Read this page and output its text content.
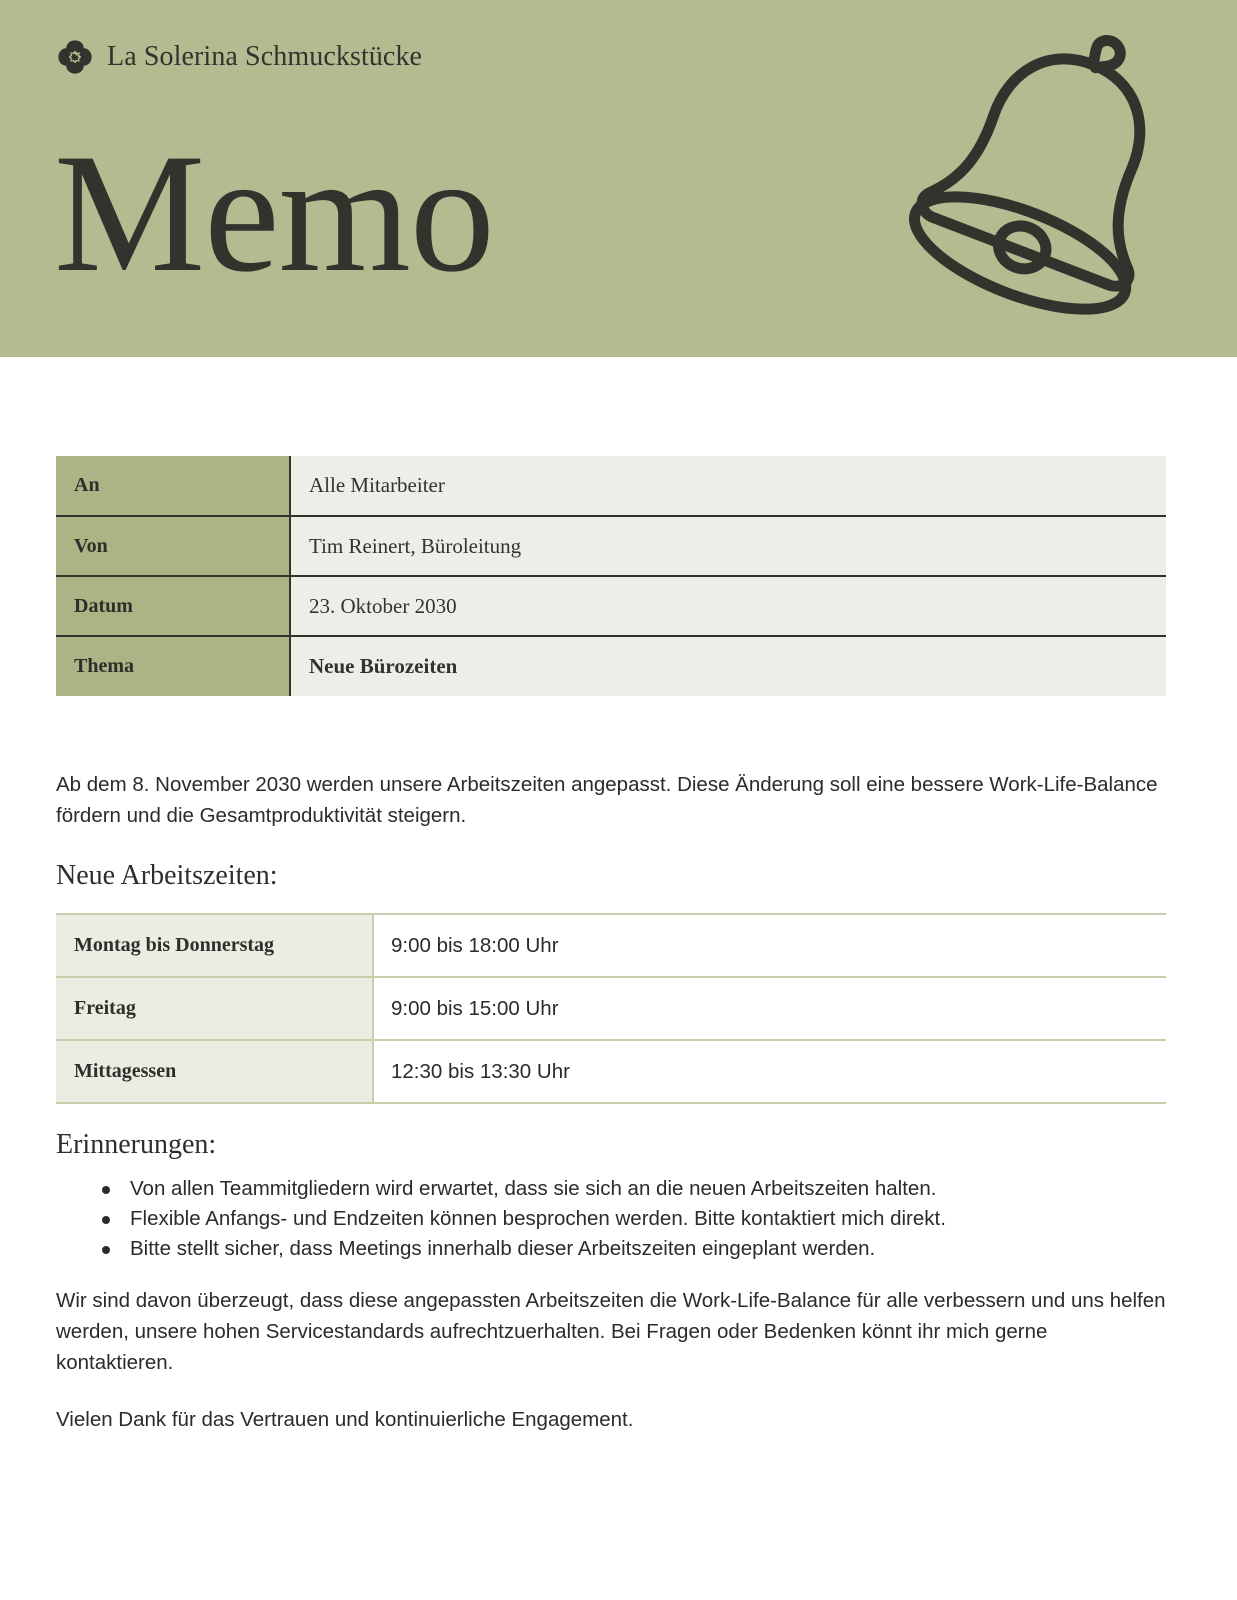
La Solerina Schmuckstücke
Memo
An	Alle Mitarbeiter
Von	Tim Reinert, Büroleitung
Datum	23. Oktober 2030
Thema	Neue Bürozeiten

Ab dem 8. November 2030 werden unsere Arbeitszeiten angepasst. Diese Änderung soll eine bessere Work-Life-Balance fördern und die Gesamtproduktivität steigern.

Neue Arbeitszeiten:
Montag bis Donnerstag	9:00 bis 18:00 Uhr
Freitag	9:00 bis 15:00 Uhr
Mittagessen	12:30 bis 13:30 Uhr
Erinnerungen:
Von allen Teammitgliedern wird erwartet, dass sie sich an die neuen Arbeitszeiten halten.
Flexible Anfangs- und Endzeiten können besprochen werden. Bitte kontaktiert mich direkt.
Bitte stellt sicher, dass Meetings innerhalb dieser Arbeitszeiten eingeplant werden.

Wir sind davon überzeugt, dass diese angepassten Arbeitszeiten die Work-Life-Balance für alle verbessern und uns helfen werden, unsere hohen Servicestandards aufrechtzuerhalten. Bei Fragen oder Bedenken könnt ihr mich gerne kontaktieren.

Vielen Dank für das Vertrauen und kontinuierliche Engagement.
